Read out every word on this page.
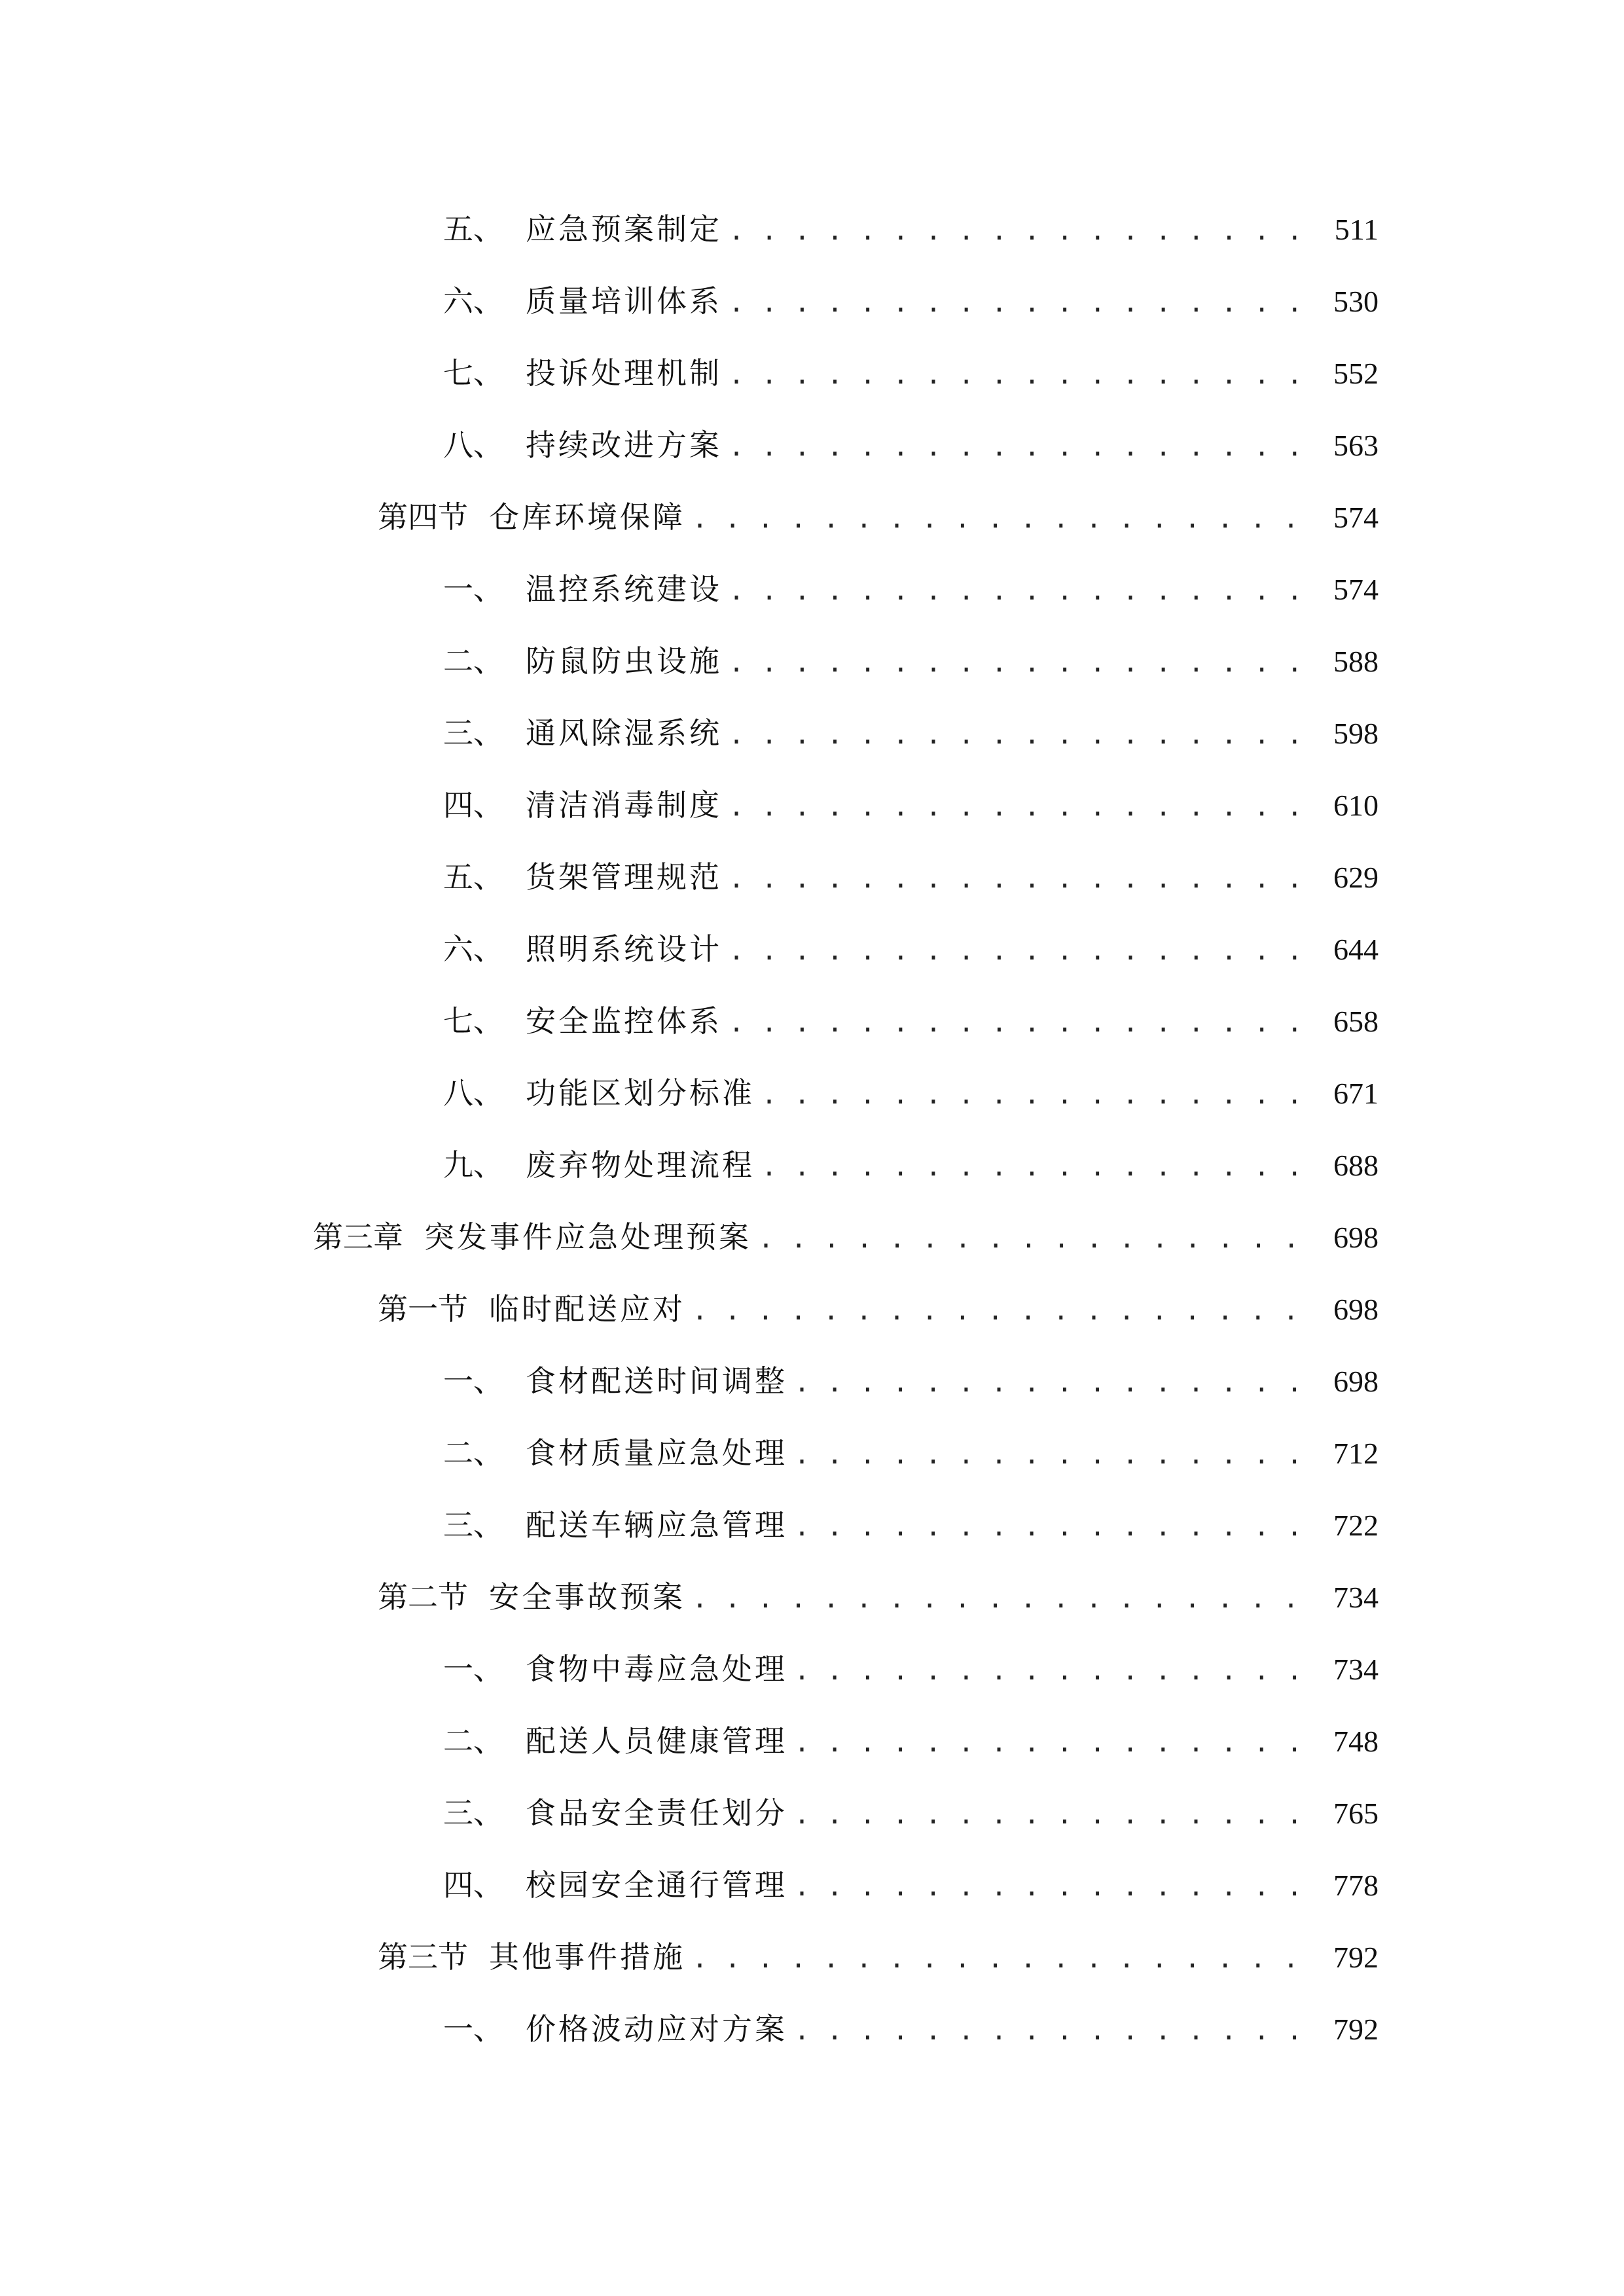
五、 应急预案制定 . . .	511
六、 质量培训体系 . . .	530
七、 投诉处理机制 . . .	552
八、 持续改进方案 . . .	563
第四节 仓库环境保障 . . .	574
一、 温控系统建设 . . .	574
二、 防鼠防虫设施 . . .	588
三、 通风除湿系统 . . .	598
四、 清洁消毒制度 . . .	610
五、 货架管理规范 . . .	629
六、 照明系统设计 . . .	644
七、 安全监控体系 . . .	658
八、 功能区划分标准 . . .	671
九、 废弃物处理流程 . . .	688
第三章 突发事件应急处理预案 . . .	698
第一节 临时配送应对 . . .	698
一、 食材配送时间调整 . . .	698
二、 食材质量应急处理 . . .	712
三、 配送车辆应急管理 . . .	722
第二节 安全事故预案 . . .	734
一、 食物中毒应急处理 . . .	734
二、 配送人员健康管理 . . .	748
三、 食品安全责任划分 . . .	765
四、 校园安全通行管理 . . .	778
第三节 其他事件措施 . . .	792
一、 价格波动应对方案 . . .	792
